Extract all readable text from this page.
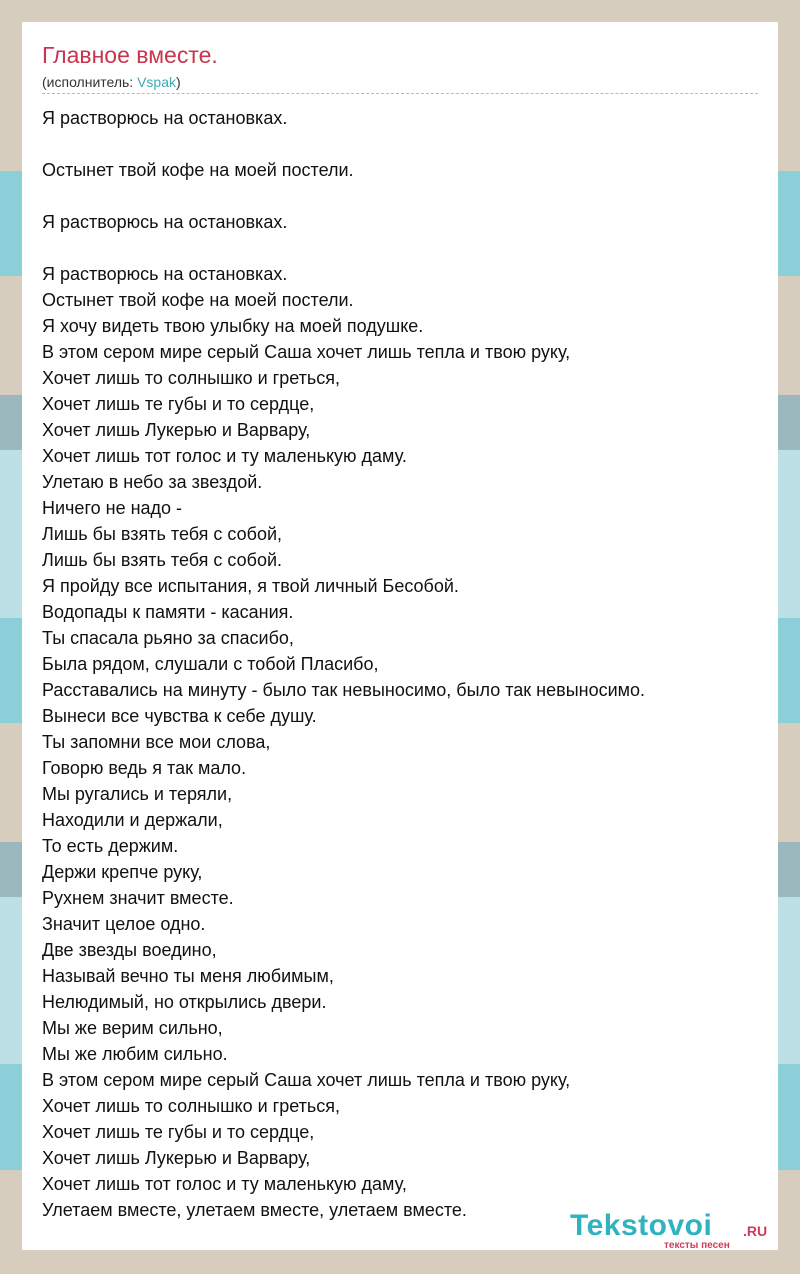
Главное вместе.
(исполнитель: Vspak)
Я растворюсь на остановках.
Остынет твой кофе на моей постели.
Я растворюсь на остановках.
Я растворюсь на остановках.
Остынет твой кофе на моей постели.
Я хочу видеть твою улыбку на моей подушке.
В этом сером мире серый Саша хочет лишь тепла и твою руку,
Хочет лишь то солнышко и греться,
Хочет лишь те губы и то сердце,
Хочет лишь Лукерью и Варвару,
Хочет лишь тот голос и ту маленькую даму.
Улетаю в небо за звездой.
Ничего не надо -
Лишь бы взять тебя с собой,
Лишь бы взять тебя с собой.
Я пройду все испытания, я твой личный Бесобой.
Водопады к памяти - касания.
Ты спасала рьяно за спасибо,
Была рядом, слушали с тобой Пласибо,
Расставались на минуту - было так невыносимо, было так невыносимо.
Вынеси все чувства к себе душу.
Ты запомни все мои слова,
Говорю ведь я так мало.
Мы ругались и теряли,
Находили и держали,
То есть держим.
Держи крепче руку,
Рухнем значит вместе.
Значит целое одно.
Две звезды воедино,
Называй вечно ты меня любимым,
Нелюдимый, но открылись двери.
Мы же верим сильно,
Мы же любим сильно.
В этом сером мире серый Саша хочет лишь тепла и твою руку,
Хочет лишь то солнышко и греться,
Хочет лишь те губы и то сердце,
Хочет лишь Лукерью и Варвару,
Хочет лишь тот голос и ту маленькую даму,
Улетаем вместе, улетаем вместе, улетаем вместе.	Tekstovoi .RU
тексты песен
